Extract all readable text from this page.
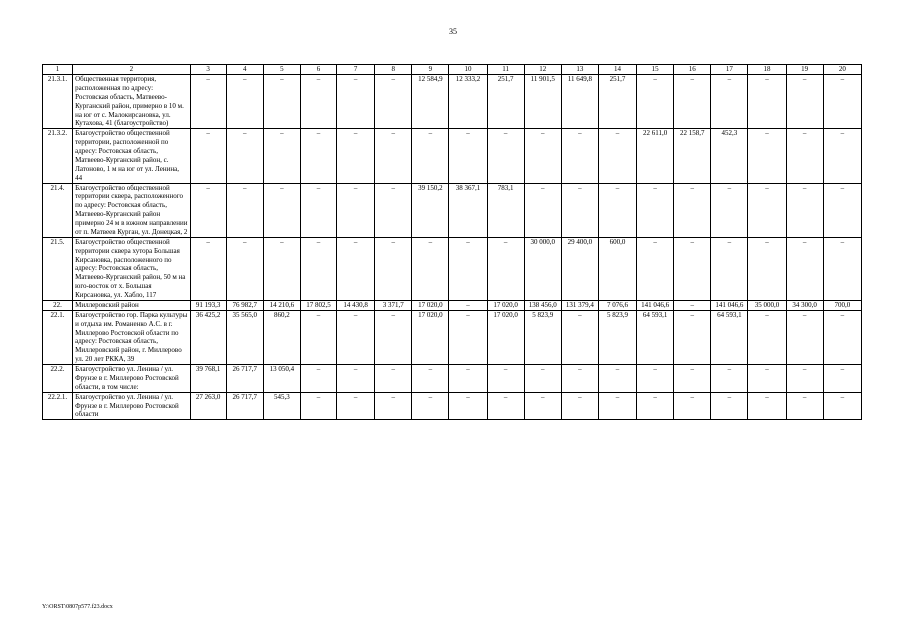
35
1	2	3	4	5	6	7	8	9	10	11	12	13	14	15	16	17	18	19	20
21.3.1.	Общественная территория, расположенная по адресу: Ростовская область, Матвеево-Курганский район, примерно в 10 м. на юг от с. Малокирсановка, ул. Кутахова, 41 (благоустройство)	–	–	–	–	–	–	12 584,9	12 333,2	251,7	11 901,5	11 649,8	251,7	–	–	–	–	–	–
21.3.2.	Благоустройство общественной территории, расположенной по адресу: Ростовская область, Матвеево-Курганский район, с. Латоново, 1 м на юг от ул. Ленина, 44	–	–	–	–	–	–	–	–	–	–	–	–	22 611,0	22 158,7	452,3	–	–	–
21.4.	Благоустройство общественной территории сквера, расположенного по адресу: Ростовская область, Матвеево-Курганский район примерно 24 м в южном направлении от п. Матвеев Курган, ул. Донецкая, 2	–	–	–	–	–	–	39 150,2	38 367,1	783,1	–	–	–	–	–	–	–	–	–
21.5.	Благоустройство общественной территории сквера хутора Большая Кирсановка, расположенного по адресу: Ростовская область, Матвеево-Курганский район, 50 м на юго-восток от х. Большая Кирсановка, ул. Хабло, 117	–	–	–	–	–	–	–	–	–	30 000,0	29 400,0	600,0	–	–	–	–	–	–
22.	Миллеровский район	91 193,3	76 982,7	14 210,6	17 802,5	14 430,8	3 371,7	17 020,0	–	17 020,0	138 456,0	131 379,4	7 076,6	141 046,6	–	141 046,6	35 000,0	34 300,0	700,0
22.1.	Благоустройство гор. Парка культуры и отдыха им. Романенко А.С. в г. Миллерово Ростовской области по адресу: Ростовская область, Миллеровский район, г. Миллерово ул. 20 лет РККА, 39	36 425,2	35 565,0	860,2	–	–	–	17 020,0	–	17 020,0	5 823,9	–	5 823,9	64 593,1	–	64 593,1	–	–	–
22.2.	Благоустройство ул. Ленина / ул. Фрунзе в г. Миллерово Ростовской области, в том числе:	39 768,1	26 717,7	13 050,4	–	–	–	–	–	–	–	–	–	–	–	–	–	–	–
22.2.1.	Благоустройство ул. Ленина / ул. Фрунзе в г. Миллерово Ростовской области	27 263,0	26 717,7	545,3	–	–	–	–	–	–	–	–	–	–	–	–	–	–	–
Y:\ORST\0807p577.f23.docx
